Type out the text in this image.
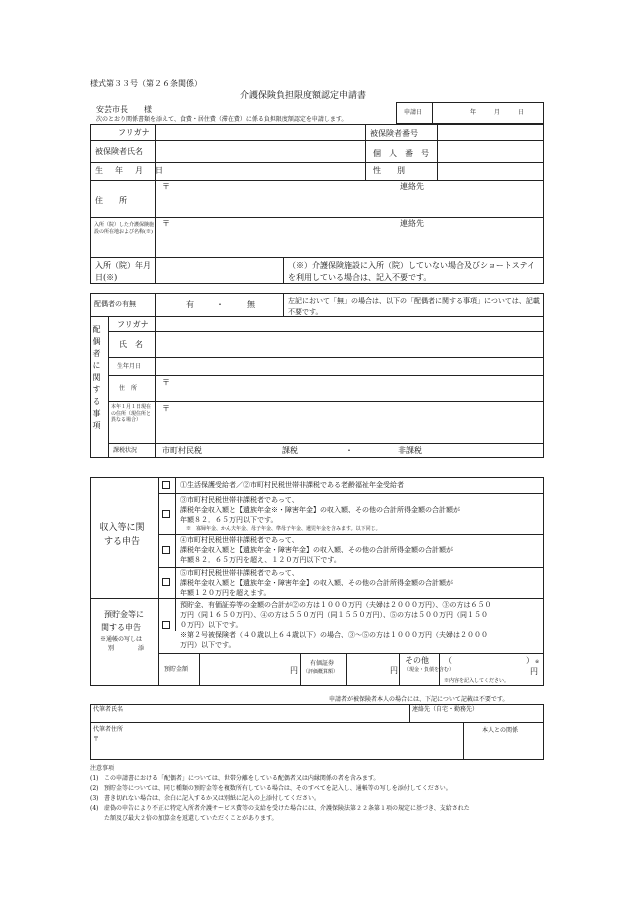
様式第３３号（第２６条関係）
介護保険負担限度額認定申請書
安芸市長　　様
次のとおり関係書類を添えて、食費・居住費（滞在費）に係る負担限度額認定を申請します。
申請日	年　　　月　　　日
フリガナ
被保険者氏名
被保険者番号
個　人　番　号
生　年　月　日	性　　別
住　　所
〒	連絡先
入所（院）した介護保険施設の所在地および名称(※)
〒	連絡先
入所（院）年月日(※)
（※）介護保険施設に入所（院）していない場合及びショートステイを利用している場合は、記入不要です。
配偶者の有無	有	・	無	左記において「無」の場合は、以下の「配偶者に関する事項」については、記載不要です。
配偶者に関する事項
フリガナ
氏　名
生年月日
住　所
〒
本年１月１日現在の住所（現住所と異なる場合）
〒
課税状況	市町村民税	課税	・	非課税
収入等に関する申告
①生活保護受給者／②市町村民税世帯非課税である老齢福祉年金受給者
③市町村民税世帯非課税者であって、
課税年金収入額と【遺族年金※・障害年金】の収入額、その他の合計所得金額の合計額が
年額８２．６５万円以下です。
※　寡婦年金、かん夫年金、母子年金、準母子年金、遺児年金を含みます。以下同じ。
④市町村民税世帯非課税者であって、
課税年金収入額と【遺族年金・障害年金】の収入額、その他の合計所得金額の合計額が
年額８２．６５万円を超え、１２０万円以下です。
⑤市町村民税世帯非課税者であって、
課税年金収入額と【遺族年金・障害年金】の収入額、その他の合計所得金額の合計額が
年額１２０万円を超えます。
預貯金等に
関する申告
※通帳の写しは
別　　　　添
預貯金、有価証券等の金額の合計が②の方は１０００万円（夫婦は２０００万円）、③の方は６５０
万円（同１６５０万円）、④の方は５５０万円（同１５５０万円）、⑤の方は５００万円（同１５０
０万円）以下です。
※第２号被保険者（４０歳以上６４歳以下）の場合、③～⑤の方は１０００万円（夫婦は２０００
万円）以下です。
預貯金額	円
有価証券
（評価概算額）	円
その他
（現金・負債を含む）
（	） ※
円
※内容を記入してください。
申請者が被保険者本人の場合には、下記について記載は不要です。
代筆者氏名	連絡先（自宅・勤務先）
代筆者住所
〒
本人との関係
注意事項
(1) この申請書における「配偶者」については、世帯分離をしている配偶者又は内縁関係の者を含みます。
(2) 預貯金等については、同じ種類の預貯金等を複数所有している場合は、そのすべてを記入し、通帳等の写しを添付してください。
(3) 書き切れない場合は、余白に記入するか又は別紙に記入の上添付してください。
(4) 虚偽の申告により不正に特定入所者介護サービス費等の支給を受けた場合には、介護保険法第２２条第１項の規定に基づき、支給された
た額及び最大２倍の加算金を返還していただくことがあります。
